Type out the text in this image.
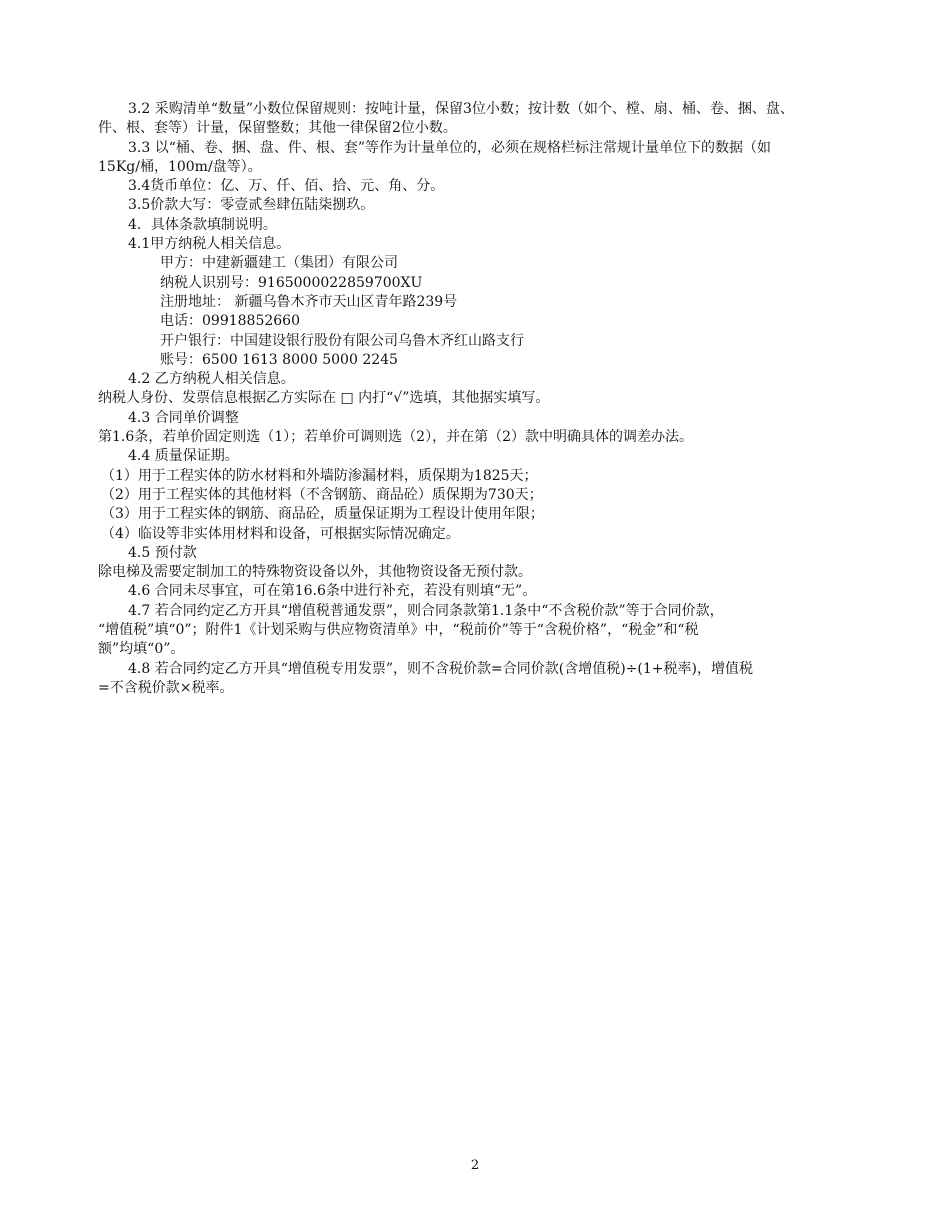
3.2 采购清单“数量”小数位保留规则：按吨计量，保留3位小数；按计数（如个、樘、扇、桶、卷、捆、盘、

件、根、套等）计量，保留整数；其他一律保留2位小数。

3.3 以“桶、卷、捆、盘、件、根、套”等作为计量单位的，必须在规格栏标注常规计量单位下的数据（如

15Kg/桶，100m/盘等）。

3.4货币单位：亿、万、仟、佰、拾、元、角、分。

3.5价款大写：零壹贰叁肆伍陆柒捌玖。

4．具体条款填制说明。

4.1甲方纳税人相关信息。

甲方：中建新疆建工（集团）有限公司

纳税人识别号：9165000022859700XU

注册地址： 新疆乌鲁木齐市天山区青年路239号

电话：09918852660

开户银行：中国建设银行股份有限公司乌鲁木齐红山路支行

账号：6500 1613 8000 5000 2245

4.2 乙方纳税人相关信息。

纳税人身份、发票信息根据乙方实际在 □ 内打“√”选填，其他据实填写。

4.3 合同单价调整

第1.6条，若单价固定则选（1）；若单价可调则选（2），并在第（2）款中明确具体的调差办法。

4.4 质量保证期。

（1）用于工程实体的防水材料和外墙防渗漏材料，质保期为1825天；

（2）用于工程实体的其他材料（不含钢筋、商品砼）质保期为730天；

（3）用于工程实体的钢筋、商品砼，质量保证期为工程设计使用年限；

（4）临设等非实体用材料和设备，可根据实际情况确定。

4.5 预付款

除电梯及需要定制加工的特殊物资设备以外，其他物资设备无预付款。

4.6 合同未尽事宜，可在第16.6条中进行补充，若没有则填“无”。

4.7 若合同约定乙方开具“增值税普通发票”，则合同条款第1.1条中“不含税价款”等于合同价款，

“增值税”填“0”；附件1《计划采购与供应物资清单》中，“税前价”等于“含税价格”，“税金”和“税

额”均填“0”。

4.8 若合同约定乙方开具“增值税专用发票”，则不含税价款=合同价款(含增值税)÷(1+税率)，增值税

=不含税价款×税率。

2
